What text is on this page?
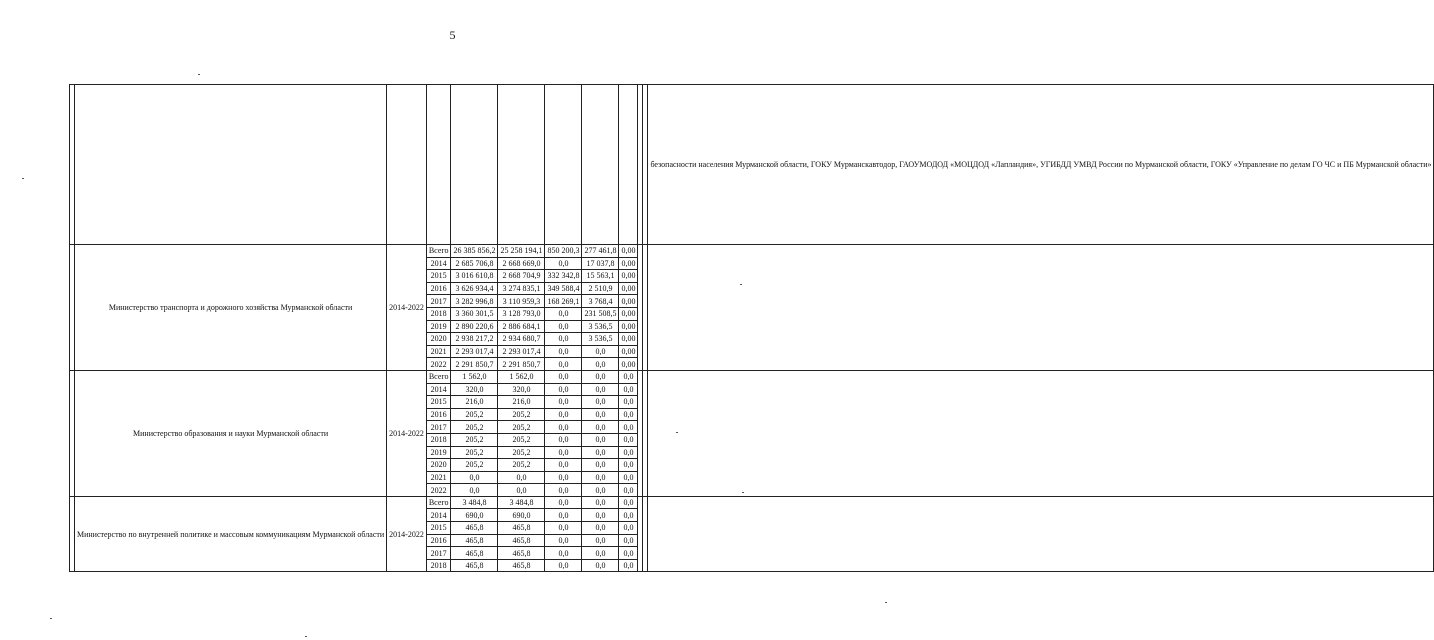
5
											безопасности населения Мурманской области, ГОКУ Мурманскавтодор, ГАОУМОДОД «МОЦДОД «Лапландия», УГИБДД УМВД России по Мурманской области, ГОКУ «Управление по делам ГО ЧС и ПБ Мурманской области»
	Министерство транспорта и дорожного хозяйства Мурманской области	2014-2022	Всего	26 385 856,2	25 258 194,1	850 200,3	277 461,8	0,00			
			2014	2 685 706,8	2 668 669,0	0,0	17 037,8	0,00			
			2015	3 016 610,8	2 668 704,9	332 342,8	15 563,1	0,00			
			2016	3 626 934,4	3 274 835,1	349 588,4	2 510,9	0,00			
			2017	3 282 996,8	3 110 959,3	168 269,1	3 768,4	0,00			
			2018	3 360 301,5	3 128 793,0	0,0	231 508,5	0,00			
			2019	2 890 220,6	2 886 684,1	0,0	3 536,5	0,00			
			2020	2 938 217,2	2 934 680,7	0,0	3 536,5	0,00			
			2021	2 293 017,4	2 293 017,4	0,0	0,0	0,00			
			2022	2 291 850,7	2 291 850,7	0,0	0,0	0,00			
	Министерство образования и науки Мурманской области	2014-2022	Всего	1 562,0	1 562,0	0,0	0,0	0,0			
			2014	320,0	320,0	0,0	0,0	0,0			
			2015	216,0	216,0	0,0	0,0	0,0			
			2016	205,2	205,2	0,0	0,0	0,0			
			2017	205,2	205,2	0,0	0,0	0,0			
			2018	205,2	205,2	0,0	0,0	0,0			
			2019	205,2	205,2	0,0	0,0	0,0			
			2020	205,2	205,2	0,0	0,0	0,0			
			2021	0,0	0,0	0,0	0,0	0,0			
			2022	0,0	0,0	0,0	0,0	0,0			
	Министерство по внутренней политике и массовым коммуникациям Мурманской области	2014-2022	Всего	3 484,8	3 484,8	0,0	0,0	0,0			
			2014	690,0	690,0	0,0	0,0	0,0			
			2015	465,8	465,8	0,0	0,0	0,0			
			2016	465,8	465,8	0,0	0,0	0,0			
			2017	465,8	465,8	0,0	0,0	0,0			
			2018	465,8	465,8	0,0	0,0	0,0			
